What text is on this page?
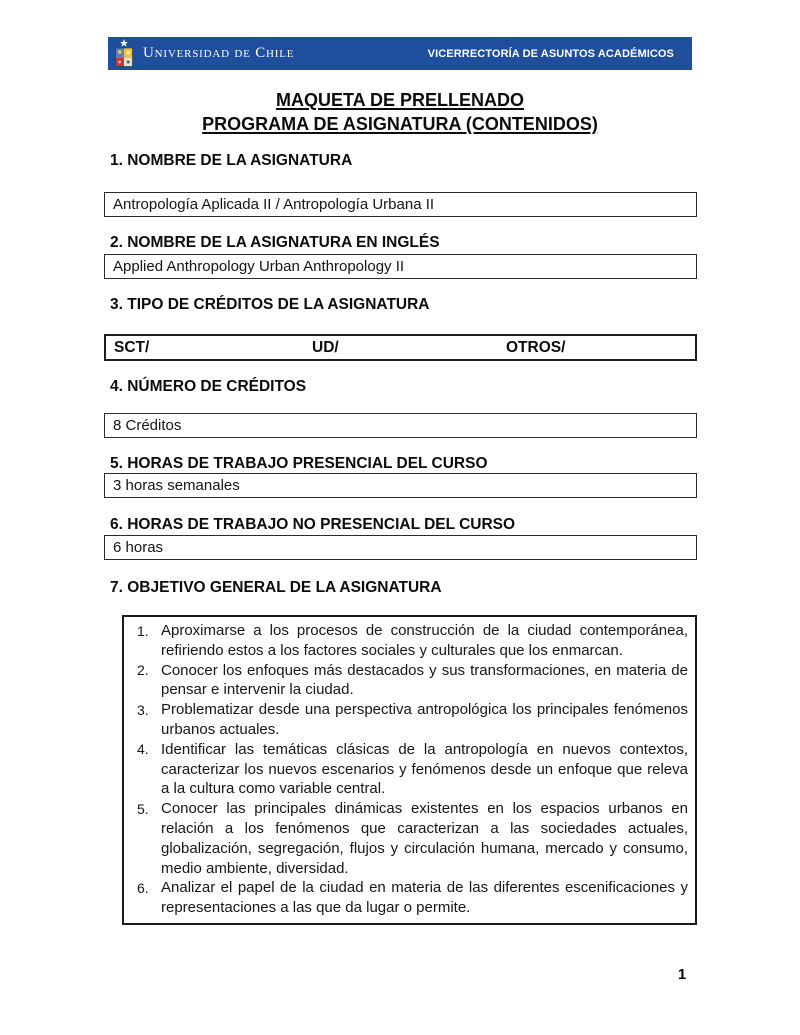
Universidad de Chile	VICERRECTORÍA DE ASUNTOS ACADÉMICOS
MAQUETA DE PRELLENADO
PROGRAMA DE ASIGNATURA (CONTENIDOS)
1. NOMBRE DE LA ASIGNATURA
Antropología Aplicada II / Antropología Urbana II
2. NOMBRE DE LA ASIGNATURA EN INGLÉS
Applied Anthropology Urban Anthropology II
3. TIPO DE CRÉDITOS DE LA ASIGNATURA
SCT/	UD/	OTROS/
4. NÚMERO DE CRÉDITOS
8 Créditos
5. HORAS DE TRABAJO PRESENCIAL DEL CURSO
3 horas semanales
6. HORAS DE TRABAJO NO PRESENCIAL DEL CURSO
6 horas
7. OBJETIVO GENERAL DE LA ASIGNATURA
Aproximarse a los procesos de construcción de la ciudad contemporánea, refiriendo estos a los factores sociales y culturales que los enmarcan.
Conocer los enfoques más destacados y sus transformaciones, en materia de pensar e intervenir la ciudad.
Problematizar desde una perspectiva antropológica los principales fenómenos urbanos actuales.
Identificar las temáticas clásicas de la antropología en nuevos contextos, caracterizar los nuevos escenarios y fenómenos desde un enfoque que releva a la cultura como variable central.
Conocer las principales dinámicas existentes en los espacios urbanos en relación a los fenómenos que caracterizan a las sociedades actuales, globalización, segregación, flujos y circulación humana, mercado y consumo, medio ambiente, diversidad.
Analizar el papel de la ciudad en materia de las diferentes escenificaciones y representaciones a las que da lugar o permite.
1
